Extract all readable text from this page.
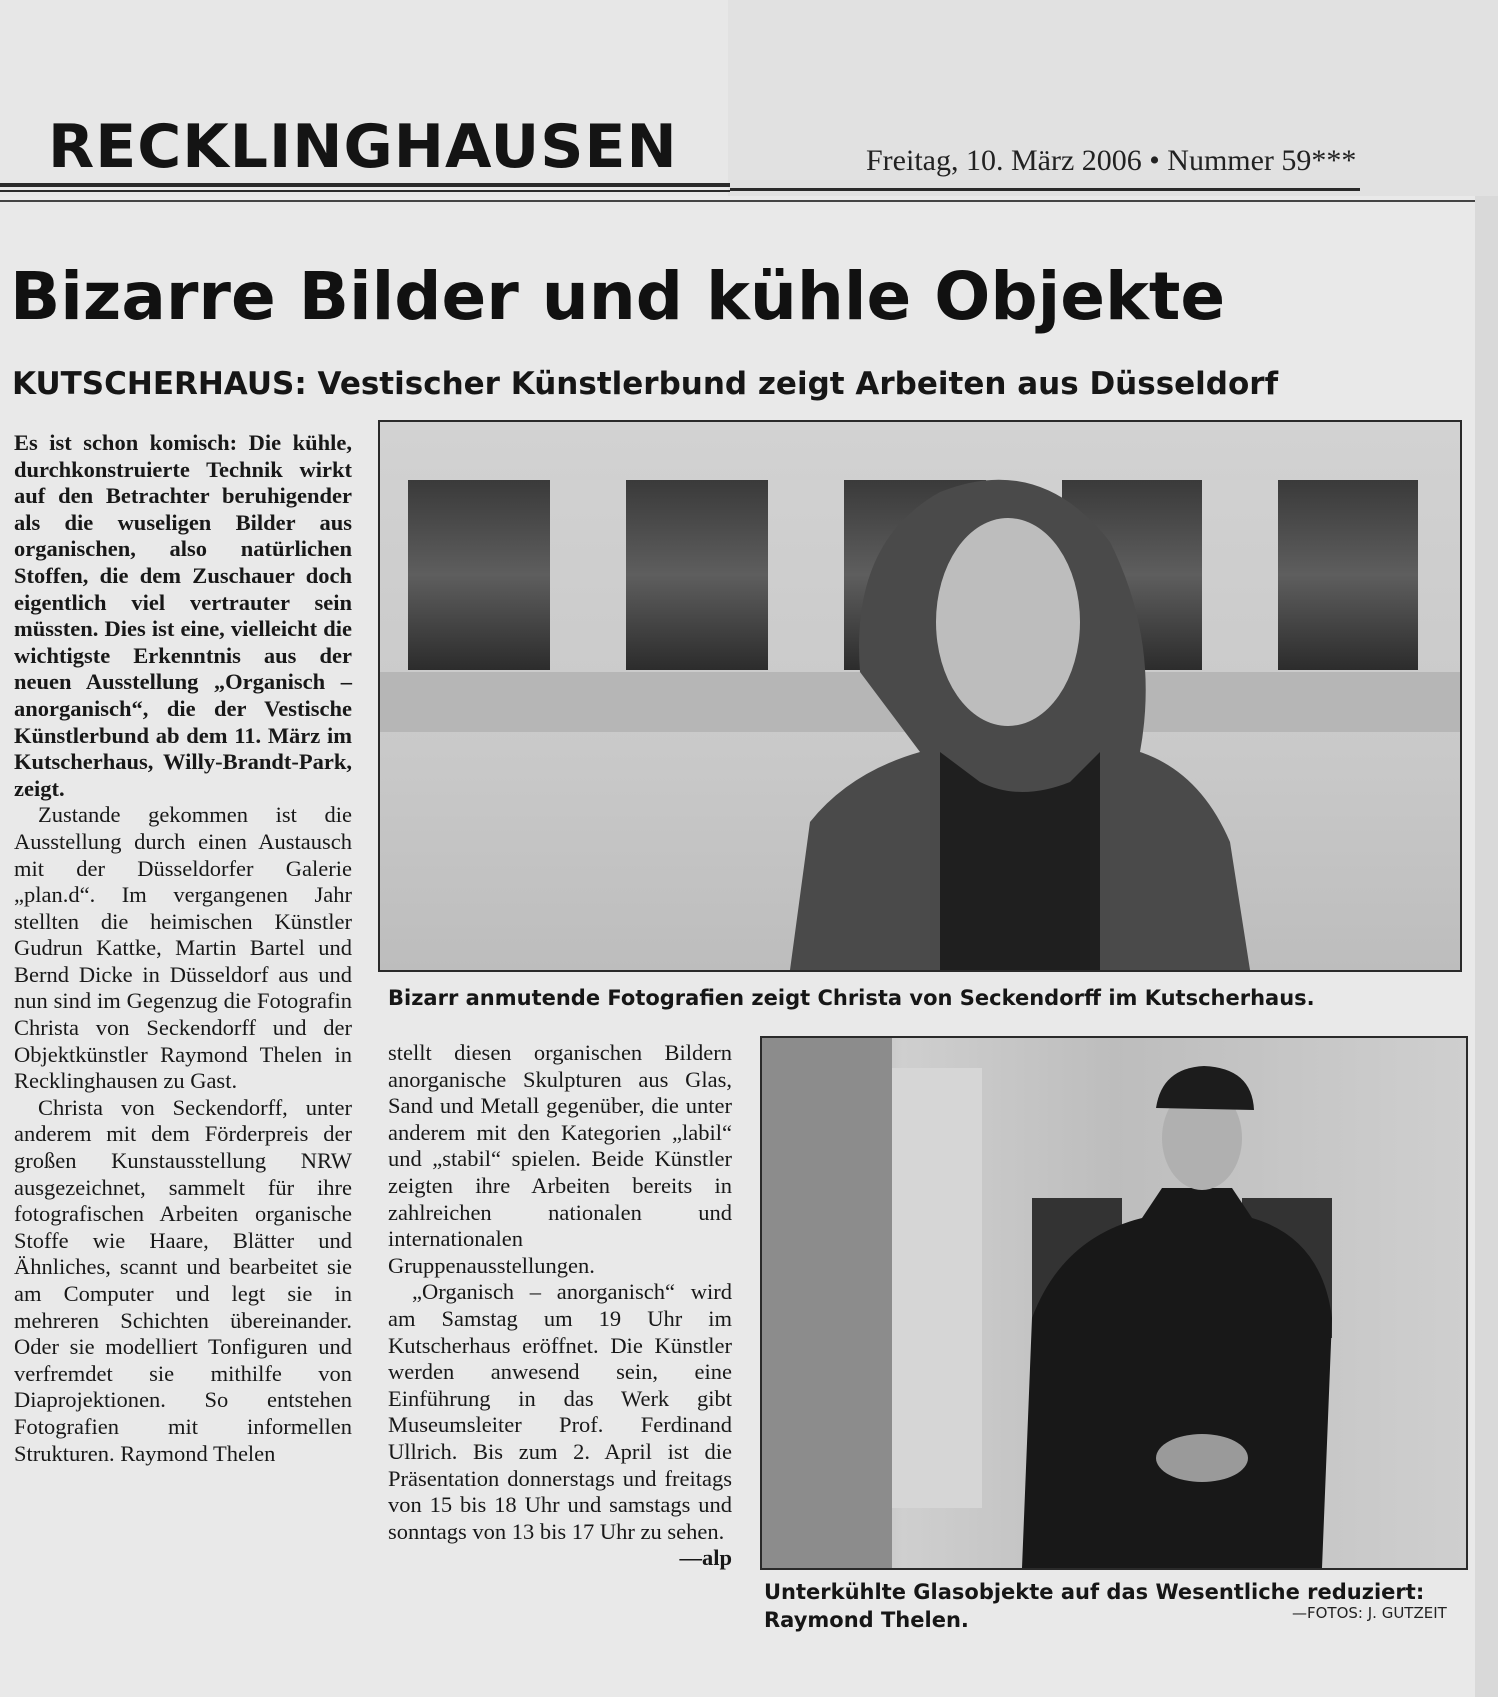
RECKLINGHAUSEN	Freitag, 10. März 2006 • Nummer 59***
Bizarre Bilder und kühle Objekte
KUTSCHERHAUS: Vestischer Künstlerbund zeigt Arbeiten aus Düsseldorf

Es ist schon komisch: Die kühle, durchkonstruierte Technik wirkt auf den Betrachter beruhigender als die wuseligen Bilder aus organischen, also natürlichen Stoffen, die dem Zuschauer doch eigentlich viel vertrauter sein müssten. Dies ist eine, vielleicht die wichtigste Erkenntnis aus der neuen Ausstellung „Organisch – anorganisch“, die der Vestische Künstlerbund ab dem 11. März im Kutscherhaus, Willy-Brandt-Park, zeigt.

Zustande gekommen ist die Ausstellung durch einen Austausch mit der Düsseldorfer Galerie „plan.d“. Im vergangenen Jahr stellten die heimischen Künstler Gudrun Kattke, Martin Bartel und Bernd Dicke in Düsseldorf aus und nun sind im Gegenzug die Fotografin Christa von Seckendorff und der Objektkünstler Raymond Thelen in Recklinghausen zu Gast.

Christa von Seckendorff, unter anderem mit dem Förderpreis der großen Kunstausstellung NRW ausgezeichnet, sammelt für ihre fotografischen Arbeiten organische Stoffe wie Haare, Blätter und Ähnliches, scannt und bearbeitet sie am Computer und legt sie in mehreren Schichten übereinander. Oder sie modelliert Tonfiguren und verfremdet sie mithilfe von Diaprojektionen. So entstehen Fotografien mit informellen Strukturen. Raymond Thelen

stellt diesen organischen Bildern anorganische Skulpturen aus Glas, Sand und Metall gegenüber, die unter anderem mit den Kategorien „labil“ und „stabil“ spielen. Beide Künstler zeigten ihre Arbeiten bereits in zahlreichen nationalen und internationalen Gruppenausstellungen.

„Organisch – anorganisch“ wird am Samstag um 19 Uhr im Kutscherhaus eröffnet. Die Künstler werden anwesend sein, eine Einführung in das Werk gibt Museumsleiter Prof. Ferdinand Ullrich. Bis zum 2. April ist die Präsentation donnerstags und freitags von 15 bis 18 Uhr und samstags und sonntags von 13 bis 17 Uhr zu sehen.
—alp

Bizarr anmutende Fotografien zeigt Christa von Seckendorff im Kutscherhaus.
Unterkühlte Glasobjekte auf das Wesentliche reduziert: Raymond Thelen.	—FOTOS: J. GUTZEIT
